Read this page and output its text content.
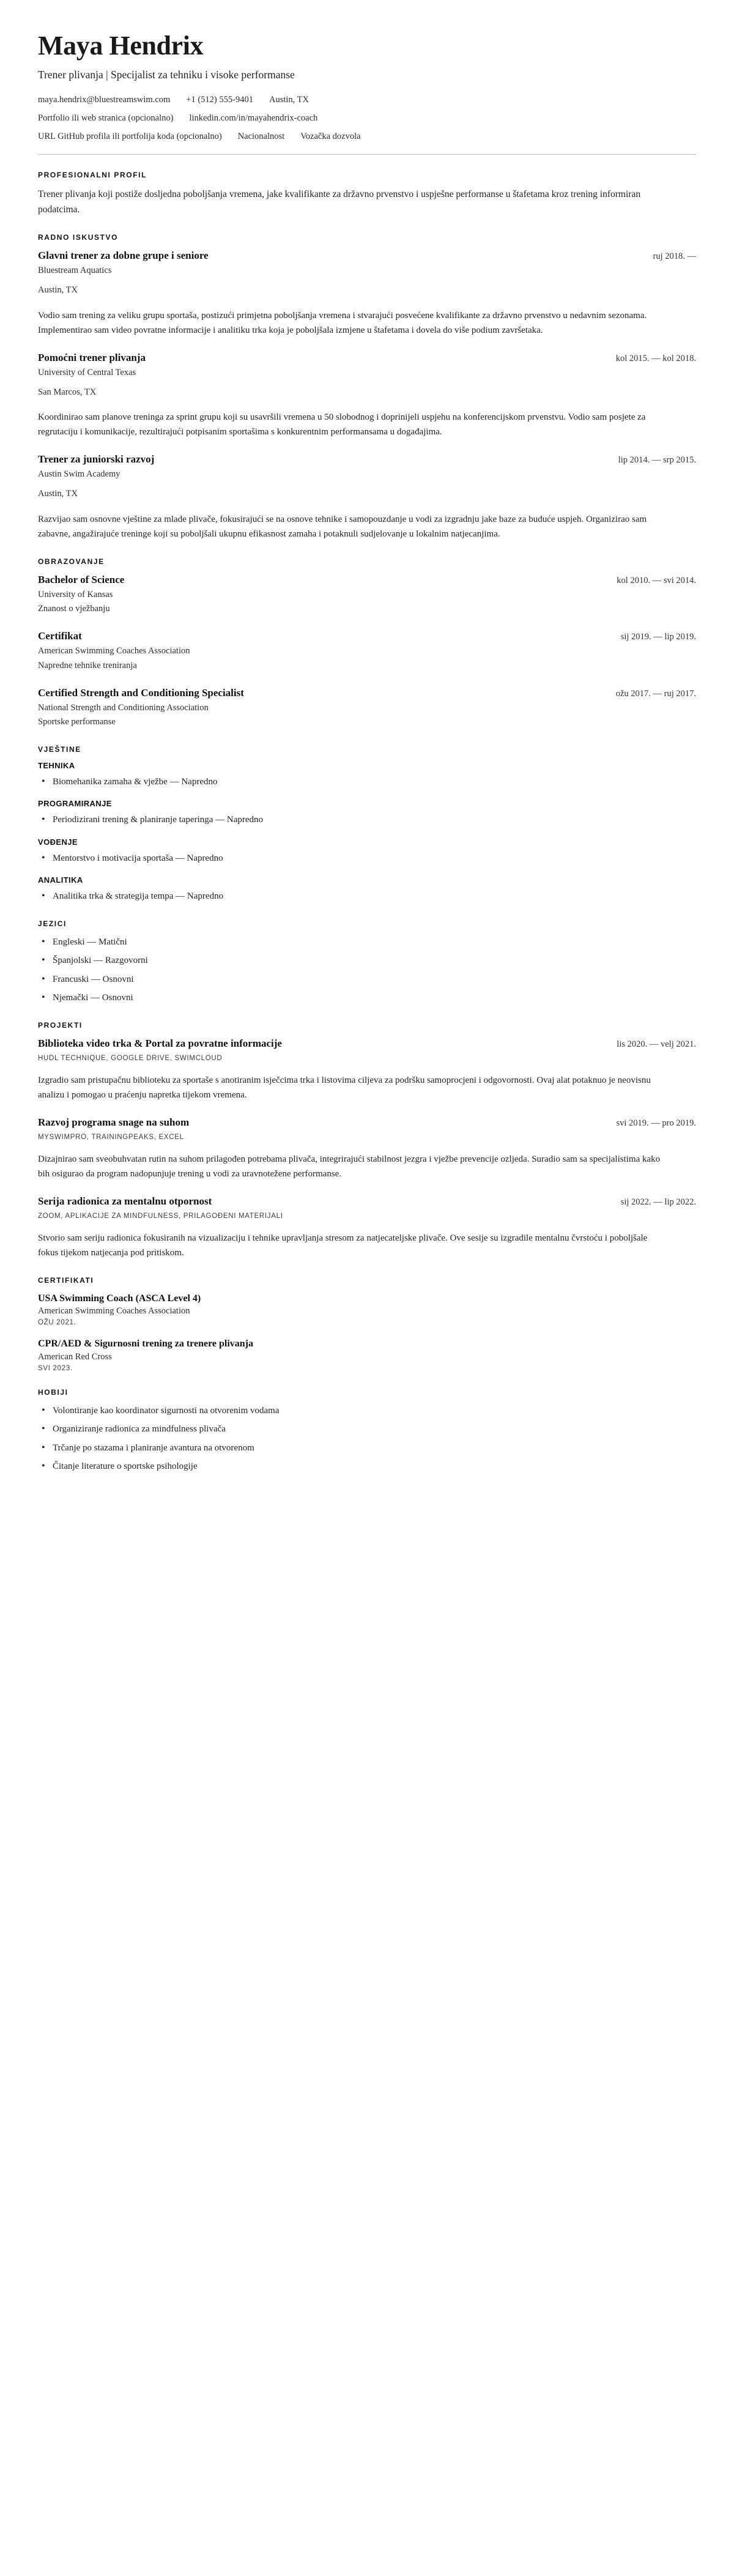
Maya Hendrix
Trener plivanja | Specijalist za tehniku i visoke performanse
maya.hendrix@bluestreamswim.com +1 (512) 555-9401 Austin, TX
Portfolio ili web stranica (opcionalno) linkedin.com/in/mayahendrix-coach
URL GitHub profila ili portfolija koda (opcionalno) Nacionalnost Vozačka dozvola
PROFESIONALNI PROFIL

Trener plivanja koji postiže dosljedna poboljšanja vremena, jake kvalifikante za državno prvenstvo i uspješne performanse u štafetama kroz trening informiran podatcima.

RADNO ISKUSTVO
Glavni trener za dobne grupe i seniore	ruj 2018. —
Bluestream Aquatics
Austin, TX
Vodio sam trening za veliku grupu sportaša, postizući primjetna poboljšanja vremena i stvarajući posvećene kvalifikante za državno prvenstvo u nedavnim sezonama. Implementirao sam video povratne informacije i analitiku trka koja je poboljšala izmjene u štafetama i dovela do više podium završetaka.
Pomoćni trener plivanja	kol 2015. — kol 2018.
University of Central Texas
San Marcos, TX
Koordinirao sam planove treninga za sprint grupu koji su usavršili vremena u 50 slobodnog i doprinijeli uspjehu na konferencijskom prvenstvu. Vodio sam posjete za regrutaciju i komunikacije, rezultirajući potpisanim sportašima s konkurentnim performansama u događajima.
Trener za juniorski razvoj	lip 2014. — srp 2015.
Austin Swim Academy
Austin, TX
Razvijao sam osnovne vještine za mlade plivače, fokusirajući se na osnove tehnike i samopouzdanje u vodi za izgradnju jake baze za buduće uspjeh. Organizirao sam zabavne, angažirajuće treninge koji su poboljšali ukupnu efikasnost zamaha i potaknuli sudjelovanje u lokalnim natjecanjima.
OBRAZOVANJE
Bachelor of Science	kol 2010. — svi 2014.
University of Kansas
Znanost o vježbanju
Certifikat	sij 2019. — lip 2019.
American Swimming Coaches Association
Napredne tehnike treniranja
Certified Strength and Conditioning Specialist	ožu 2017. — ruj 2017.
National Strength and Conditioning Association
Sportske performanse
VJEŠTINE
TEHNIKA
• Biomehanika zamaha & vježbe — Napredno
PROGRAMIRANJE
• Periodizirani trening & planiranje taperinga — Napredno
VOĐENJE
• Mentorstvo i motivacija sportaša — Napredno
ANALITIKA
• Analitika trka & strategija tempa — Napredno
JEZICI
• Engleski — Matični
• Španjolski — Razgovorni
• Francuski — Osnovni
• Njemački — Osnovni
PROJEKTI
Biblioteka video trka & Portal za povratne informacije	lis 2020. — velj 2021.
HUDL TECHNIQUE, GOOGLE DRIVE, SWIMCLOUD
Izgradio sam pristupačnu biblioteku za sportaše s anotiranim isječcima trka i listovima ciljeva za podršku samoprocjeni i odgovornosti. Ovaj alat potaknuo je neovisnu analizu i pomogao u praćenju napretka tijekom vremena.
Razvoj programa snage na suhom	svi 2019. — pro 2019.
MYSWIMPRO, TRAININGPEAKS, EXCEL
Dizajnirao sam sveobuhvatan rutin na suhom prilagođen potrebama plivača, integrirajući stabilnost jezgra i vježbe prevencije ozljeda. Suradio sam sa specijalistima kako bih osigurao da program nadopunjuje trening u vodi za uravnotežene performanse.
Serija radionica za mentalnu otpornost	sij 2022. — lip 2022.
ZOOM, APLIKACIJE ZA MINDFULNESS, PRILAGOĐENI MATERIJALI
Stvorio sam seriju radionica fokusiranih na vizualizaciju i tehnike upravljanja stresom za natjecateljske plivače. Ove sesije su izgradile mentalnu čvrstoću i poboljšale fokus tijekom natjecanja pod pritiskom.
CERTIFIKATI
USA Swimming Coach (ASCA Level 4)
American Swimming Coaches Association
OŽU 2021.
CPR/AED & Sigurnosni trening za trenere plivanja
American Red Cross
SVI 2023.
HOBIJI
• Volontiranje kao koordinator sigurnosti na otvorenim vodama
• Organiziranje radionica za mindfulness plivača
• Trčanje po stazama i planiranje avantura na otvorenom
• Čitanje literature o sportske psihologije
